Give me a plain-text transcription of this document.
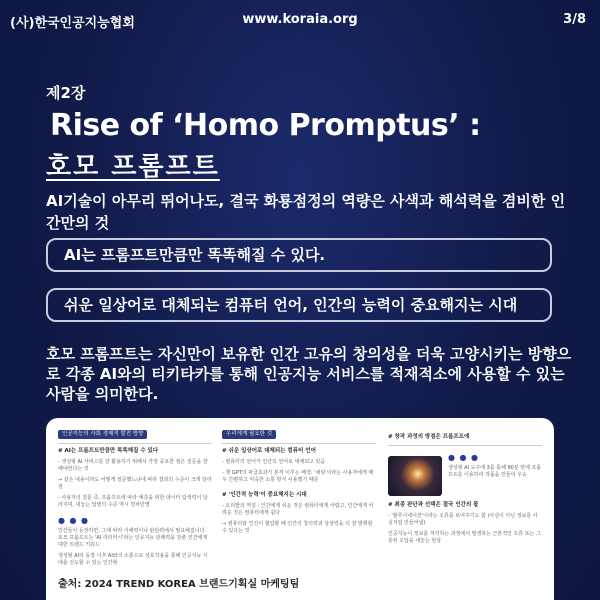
(사)한국인공지능협회	www.koraia.org	3/8
제2장
Rise of ‘Homo Promptus’ :
호모 프롬프트
AI기술이 아무리 뛰어나도, 결국 화룡점정의 역량은 사색과 해석력을 겸비한 인간만의 것
AI는 프롬프트만큼만 똑똑해질 수 있다.
쉬운 일상어로 대체되는 컴퓨터 언어, 인간의 능력이 중요해지는 시대
호모 프롬프트는 자신만이 보유한 인간 고유의 창의성을 더욱 고양시키는 방향으로 각종 AI와의 티키타카를 통해 인공지능 서비스를 적재적소에 사용할 수 있는 사람을 의미한다.
인공지능의 사회 경제적 발전 방향
# AI는 프롬프트만큼만 똑똑해질 수 있다
- 생성형 AI 서비스를 잘 활용하기 위해서 가장 중요한 점은 질문을 잘 해야한다는 것
→ 같은 내용이라도 어떻게 질문했느냐에 따라 결과의 수준이 크게 달라짐
- 사용자의 질문 즉, 프롬프트에 따라 예측을 위한 데이터 탐색력이 달라지며, 내놓는 답변의 수준 역시 천차만별
● ● ●
인간들이 등장하면, 그에 따라 이해력이나 판단력에서 필요해집니다. 호모 프롬프트는 'AI 리터러시'라는 인공지능 판례력을 갖춘 인간에게 대한 트렌드 키워드
생성형 AI의 등장 이후 AI와의 소통으로 상호작용을 통해 인공지능 시대를 선도할 수 있는 인간형
우리에게 필요한 것
# 쉬운 일상어로 대체되는 컴퓨터 언어
- 컴퓨터의 언어가 인간의 언어로 대체되고 있음
- 챗 GPT의 파급효과가 본격 이루는 배경: '채팅'이라는 사용자에게 매우 간편하고 익숙한 소통 방식 사용했기 때문
# '인간적 능력'이 중요해지는 시대
- 오리발의 역설 : 인간에게 쉬운 것은 컴퓨터에게 어렵고, 인간에게 어려운 것은 컴퓨터에게 쉽다
→ 컴퓨터와 인간이 협업할 때 인간의 창의력과 상상력을 더 잘 발휘할 수 있다는 것
# 창작 과정의 방점은 프롬프트에
● ● ●
생성형 AI 도구에 3를 통해 90분 만에 프롬프트를 이용하여 작품을 만들어 우승
# 최종 판단과 선택은 결국 인간의 몫
- '할루시네이션'이라는 오류를 보여주기도 함 (사실이 아닌 정보를 사실처럼 만들어냄)
인공지능이 정보를 처리하는 과정에서 발생하는 근본적인 오류 또는 그릇된 오답을 내놓는 현상
출처: 2024 TREND KOREA 브랜드기획실 마케팅팀
